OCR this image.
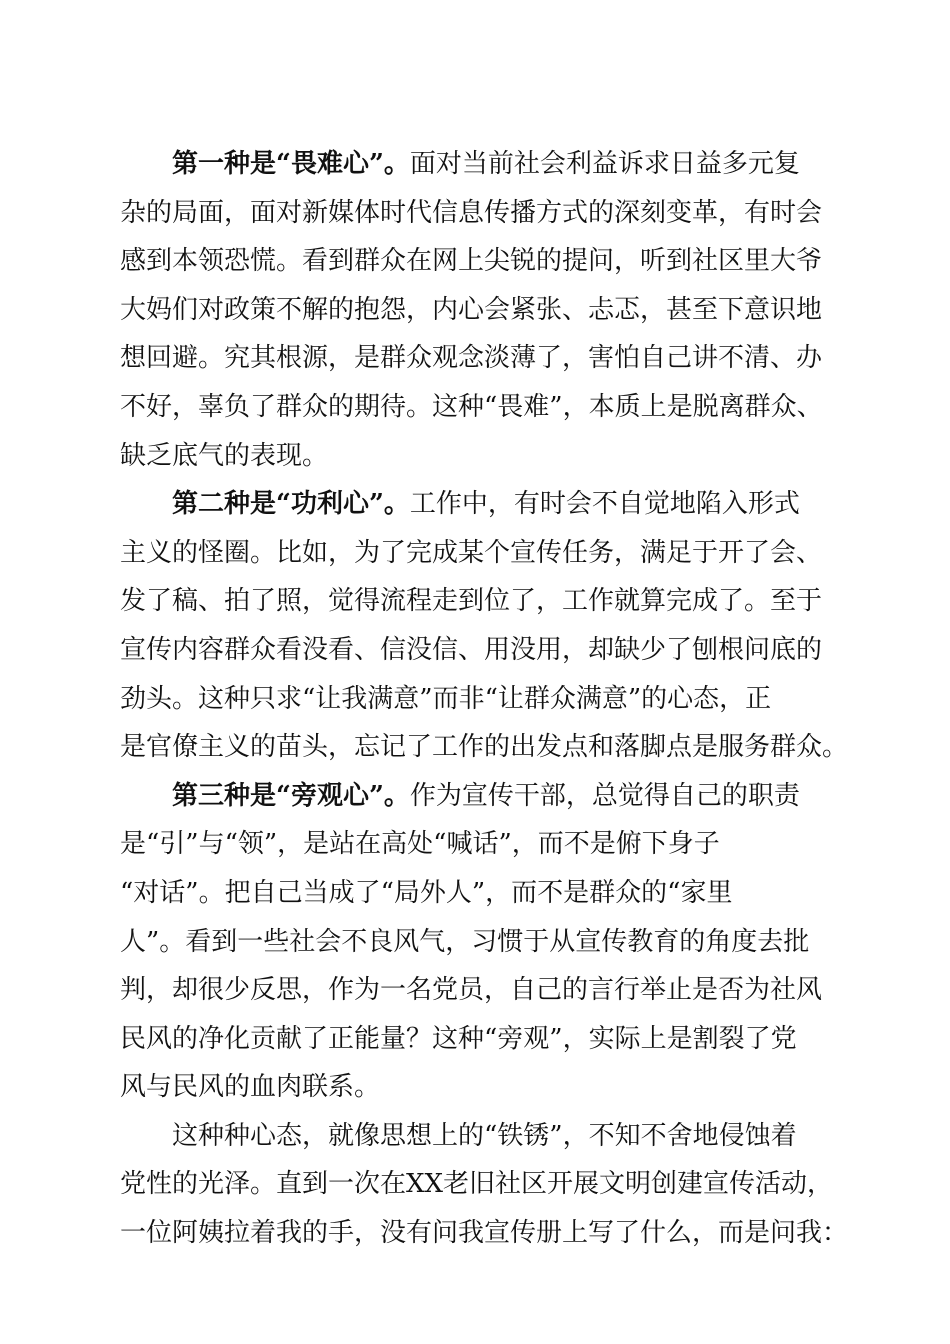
第一种是“畏难心”。面对当前社会利益诉求日益多元复
杂的局面，面对新媒体时代信息传播方式的深刻变革，有时会
感到本领恐慌。看到群众在网上尖锐的提问，听到社区里大爷
大妈们对政策不解的抱怨，内心会紧张、忐忑，甚至下意识地
想回避。究其根源，是群众观念淡薄了，害怕自己讲不清、办
不好，辜负了群众的期待。这种“畏难”，本质上是脱离群众、
缺乏底气的表现。
第二种是“功利心”。工作中，有时会不自觉地陷入形式
主义的怪圈。比如，为了完成某个宣传任务，满足于开了会、
发了稿、拍了照，觉得流程走到位了，工作就算完成了。至于
宣传内容群众看没看、信没信、用没用，却缺少了刨根问底的
劲头。这种只求“让我满意”而非“让群众满意”的心态，正
是官僚主义的苗头，忘记了工作的出发点和落脚点是服务群众。
第三种是“旁观心”。作为宣传干部，总觉得自己的职责
是“引”与“领”，是站在高处“喊话”，而不是俯下身子
“对话”。把自己当成了“局外人”，而不是群众的“家里
人”。看到一些社会不良风气，习惯于从宣传教育的角度去批
判，却很少反思，作为一名党员，自己的言行举止是否为社风
民风的净化贡献了正能量？这种“旁观”，实际上是割裂了党
风与民风的血肉联系。
这种种心态，就像思想上的“铁锈”，不知不舍地侵蚀着
党性的光泽。直到一次在XX老旧社区开展文明创建宣传活动，
一位阿姨拉着我的手，没有问我宣传册上写了什么，而是问我：
